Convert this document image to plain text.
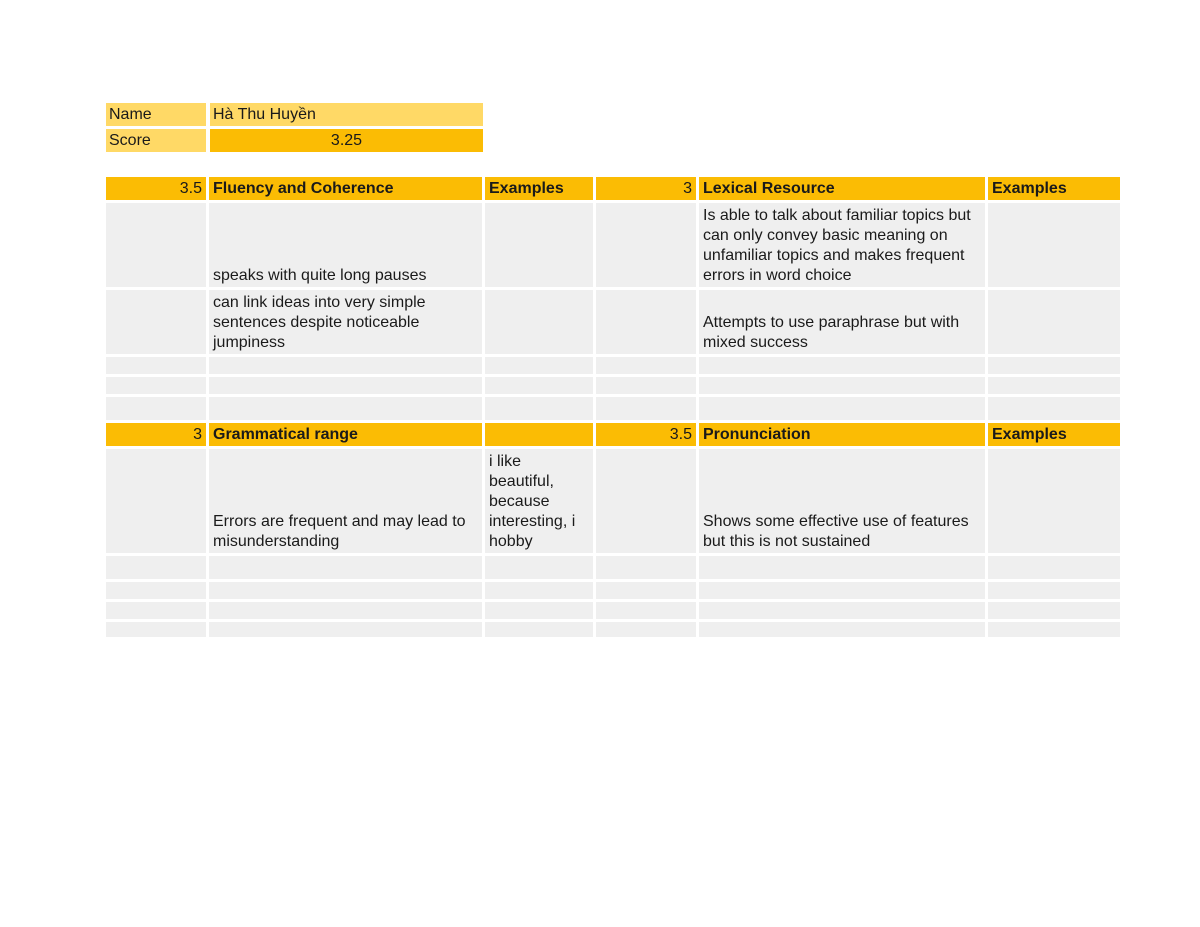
Name	Hà Thu Huyền
Score	3.25
3.5	Fluency and Coherence	Examples	3	Lexical Resource	Examples
	speaks with quite long pauses			Is able to talk about familiar topics but can only convey basic meaning on unfamiliar topics and makes frequent errors in word choice	
	can link ideas into very simple sentences despite noticeable jumpiness			Attempts to use paraphrase but with mixed success	

3	Grammatical range		3.5	Pronunciation	Examples
	Errors are frequent and may lead to misunderstanding	i like beautiful, because interesting, i hobby		Shows some effective use of features but this is not sustained	
